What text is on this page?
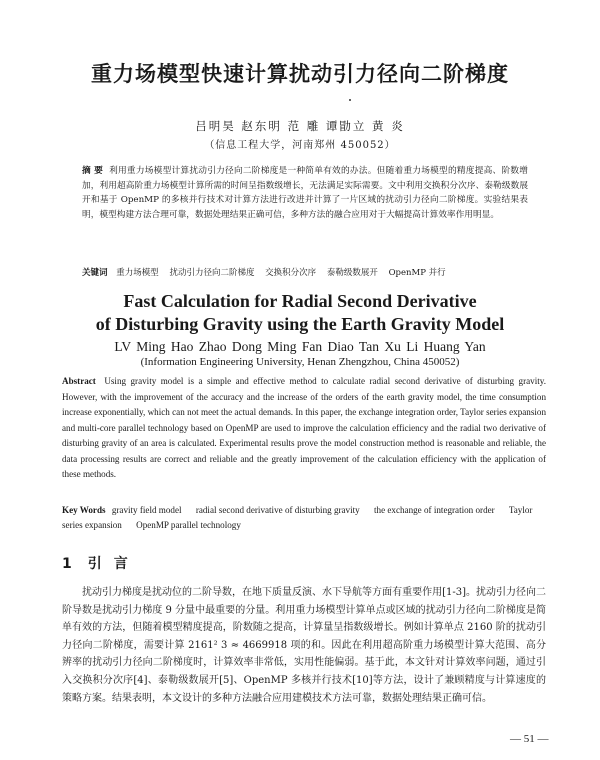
重力场模型快速计算扰动引力径向二阶梯度
吕明昊 赵东明 范 雕 谭勖立 黄 炎
（信息工程大学，河南郑州 450052）
摘 要 利用重力场模型计算扰动引力径向二阶梯度是一种简单有效的办法。但随着重力场模型的精度提高、阶数增加，利用超高阶重力场模型计算所需的时间呈指数级增长，无法满足实际需要。文中利用交换积分次序、泰勒级数展开和基于 OpenMP 的多核并行技术对计算方法进行改进并计算了一片区域的扰动引力径向二阶梯度。实验结果表明，模型构建方法合理可靠，数据处理结果正确可信，多种方法的融合应用对于大幅提高计算效率作用明显。
关键词 重力场模型 扰动引力径向二阶梯度 交换积分次序 泰勒级数展开 OpenMP 并行
Fast Calculation for Radial Second Derivative
of Disturbing Gravity using the Earth Gravity Model
LV Ming Hao Zhao Dong Ming Fan Diao Tan Xu Li Huang Yan
(Information Engineering University, Henan Zhengzhou, China 450052)
Abstract Using gravity model is a simple and effective method to calculate radial second derivative of disturbing gravity. However, with the improvement of the accuracy and the increase of the orders of the earth gravity model, the time consumption increase exponentially, which can not meet the actual demands. In this paper, the exchange integration order, Taylor series expansion and multi-core parallel technology based on OpenMP are used to improve the calculation efficiency and the radial two derivative of disturbing gravity of an area is calculated. Experimental results prove the model construction method is reasonable and reliable, the data processing results are correct and reliable and the greatly improvement of the calculation efficiency with the application of these methods.
Key Words gravity field model radial second derivative of disturbing gravity the exchange of integration order Taylor series expansion OpenMP parallel technology
1 引言
扰动引力梯度是扰动位的二阶导数，在地下质量反演、水下导航等方面有重要作用[1-3]。扰动引力径向二阶导数是扰动引力梯度 9 分量中最重要的分量。利用重力场模型计算单点或区域的扰动引力径向二阶梯度是简单有效的方法，但随着模型精度提高，阶数随之提高，计算量呈指数级增长。例如计算单点 2160 阶的扰动引力径向二阶梯度，需要计算 2161² 3 ≈ 4669918 项的和。因此在利用超高阶重力场模型计算大范围、高分辨率的扰动引力径向二阶梯度时，计算效率非常低，实用性能偏弱。基于此，本文针对计算效率问题，通过引入交换积分次序[4]、泰勒级数展开[5]、OpenMP 多核并行技术[10]等方法，设计了兼顾精度与计算速度的策略方案。结果表明，本文设计的多种方法融合应用建模技术方法可靠，数据处理结果正确可信。
— 51 —
